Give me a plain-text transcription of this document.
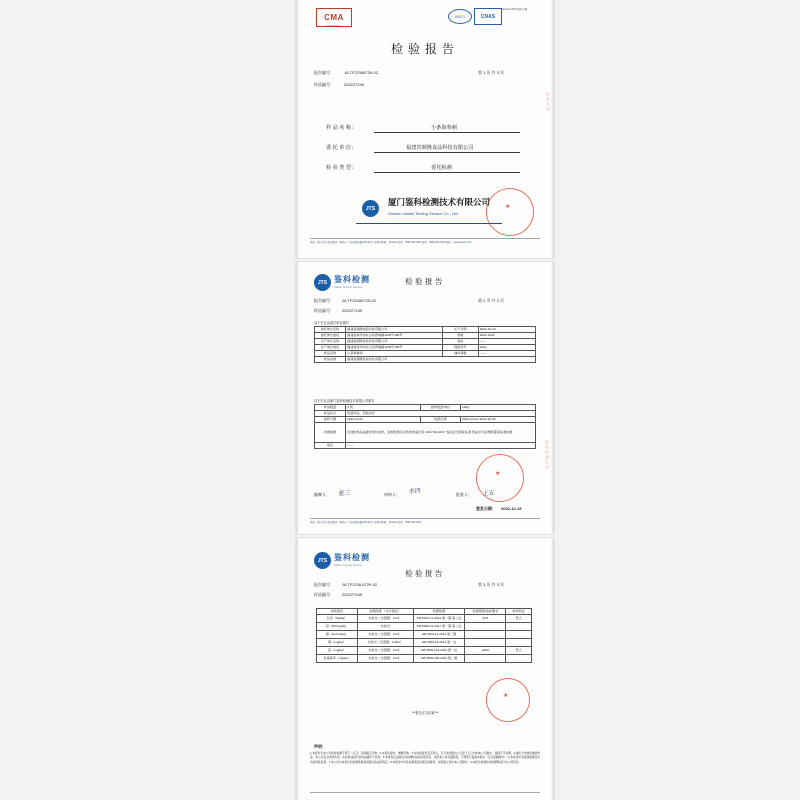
CMA
171120010171
BSCI	CNAS
CNAS L12345 测试 检测
检验报告
报告编号：	JA TF22166729-02	第 1 页 共 3 页
样品编号：	202227249
样 品 名 称：	小条海参刺
委 托 单 位：	福建省颜隆食品科技有限公司
检 验 类 型：	委托检测
JTS
厦门鉴科检测技术有限公司
Xiamen Jianke Testing Service Co., Ltd.
★
检验专用
地址：厦门市火炬高新区（翔安）产业区翔岳路18号3号厂房4层 邮编：361101 电话：0592-3117222 传真：0592-3117222 网址：www.jtstest.com
JTS 鉴科检测
Jianke Testing Service
检验报告
报告编号： JA TF22166729-02	第 2 页 共 3 页
样品编号： 202227249
以下栏目由委托单位填写
委托单位名称	福建省颜隆食品科技有限公司	生产日期	2022-10-20
委托单位地址	福建省漳州市东山县西埔镇1263号185号	规格	2022-1020
生产单位名称	福建省颜隆食品科技有限公司	商标	——
生产单位地址	福建省漳州市东山县西埔镇1263号185号	规格型号	100g
样品名称	小条海参刺	抽样基数	——
样品来源	福建省颜隆食品科技有限公司		
以下栏目由厦门鉴科检测技术有限公司填写
样品数量	4 袋	到样数量/单位	100g
样品状态	常温样品、包装完好		
接样日期	2022-10-24	检测日期	2022-10-24~2022-10-28
检测依据	该送检样品由委托单位送样，检测结果仅对所检样品负责 GB 2762-2017 食品安全国家标准 食品中污染物限量等标准检测		
备注	——		
★
检验检测专用
编制人： 张三	审核人： 李四	批准人： 王五
签发日期： 2022-12-19
地址：厦门市火炬高新区（翔安）产业区翔岳路18号3号厂房4层 邮编：361101 电话：0592-3117222
JTS 鉴科检测
Jianke Testing Service
检验报告
报告编号： JA TF2216 6729-02	第 3 页 共 3 页
样品编号： 202227249
检验项目	检测结果 （水分测定）	检测依据	标准限量/指标要求	单项判定
总汞（Hg/kg）	未检出（全量限：0.01）	GB 5009.17-2021 第一篇 第二法	≤0.5	符合
铅（Pb/mg/kg）	未检出	GB 5009.12-2017 第一篇 第二法		
砷（As/mg/kg）	未检出（全量限：0.01）	GB 5009.11-2014 第二篇		
镉（mg/kg）	未检出（全量限：0.001）	GB 5009.15-2014 第一法		
铬（mg/kg）	未检出（全量限：0.01）	GB 5009.123-2014 第一法	≤250	符合
多氯联苯（mg/kg）	未检出（全量限：0.01）	GB 5009.190-2014 第二篇		
***报告正文结束***
★
声明：
1.本报告无本公司检验检测专用章（红章）及骑缝章无效；2.本报告涂改、增删无效；3.对检验报告若有异议，应于收到报告之日起十五日内向本公司提出，逾期不予受理；4.委托方送样检测的样品，本公司仅对来样负责，所检样品的代表性由委托方负责；5.本报告仅反映该次检测样品的质量状况，未经本公司书面批准，不得部分复制本报告（全文复制除外）；6.本报告所列检测数据仅对所检样品负责；7.本公司对本报告的检测结果承担相应的法律责任；8.本报告中所有检测项目结果仅供参考，如有疑义请与本公司联系；9.本报告检测结论的解释权归本公司所有。
